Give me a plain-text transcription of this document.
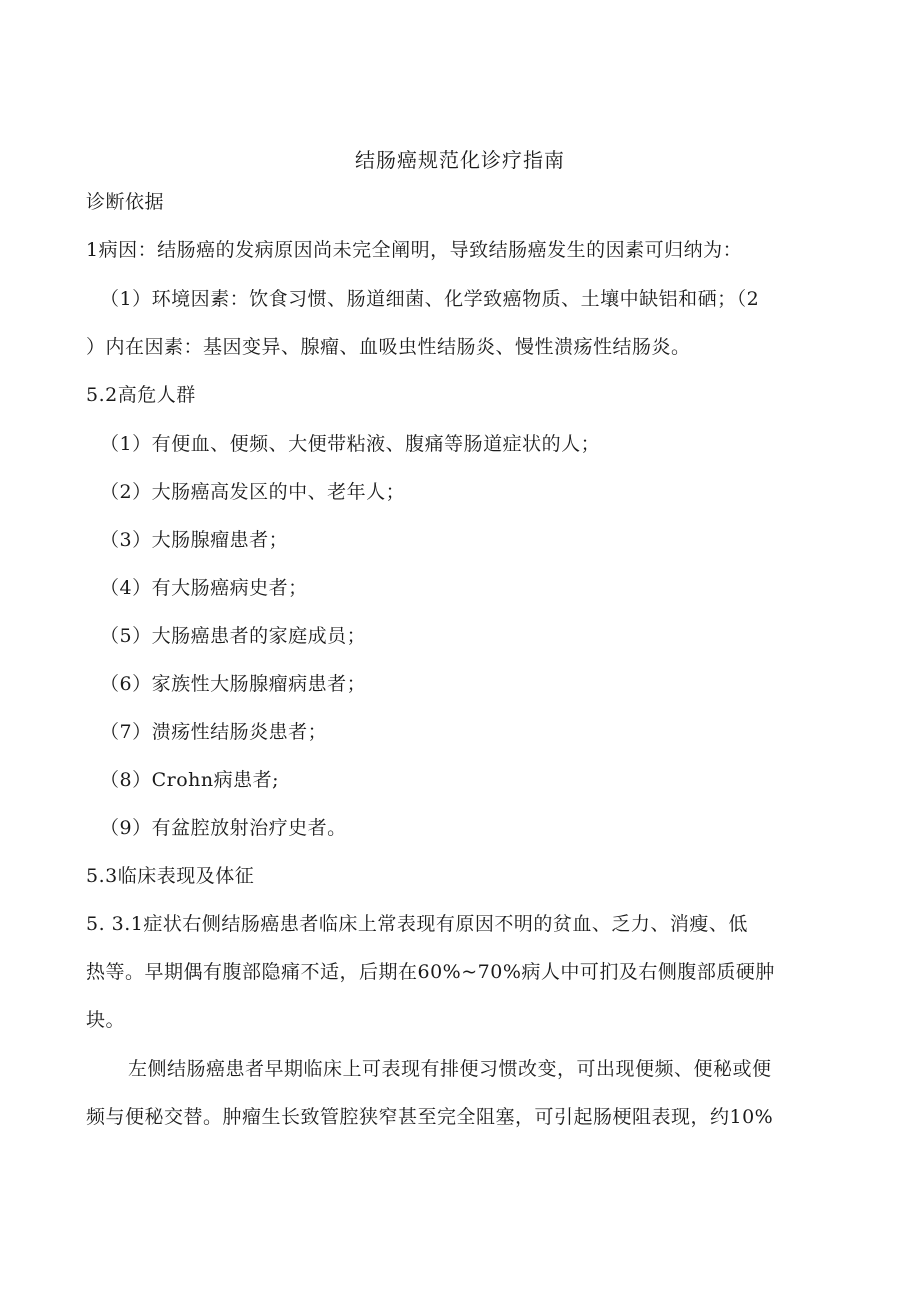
结肠癌规范化诊疗指南
诊断依据
1病因：结肠癌的发病原因尚未完全阐明，导致结肠癌发生的因素可归纳为：
（1）环境因素：饮食习惯、肠道细菌、化学致癌物质、土壤中缺铝和硒；（2
）内在因素：基因变异、腺瘤、血吸虫性结肠炎、慢性溃疡性结肠炎。
5.2高危人群
（1）有便血、便频、大便带粘液、腹痛等肠道症状的人；
（2）大肠癌高发区的中、老年人；
（3）大肠腺瘤患者；
（4）有大肠癌病史者；
（5）大肠癌患者的家庭成员；
（6）家族性大肠腺瘤病患者；
（7）溃疡性结肠炎患者；
（8）Crohn病患者;
（9）有盆腔放射治疗史者。
5.3临床表现及体征
5. 3.1症状右侧结肠癌患者临床上常表现有原因不明的贫血、乏力、消瘦、低
热等。早期偶有腹部隐痛不适，后期在60%~70%病人中可扪及右侧腹部质硬肿
块。
左侧结肠癌患者早期临床上可表现有排便习惯改变，可出现便频、便秘或便
频与便秘交替。肿瘤生长致管腔狭窄甚至完全阻塞，可引起肠梗阻表现，约10%
